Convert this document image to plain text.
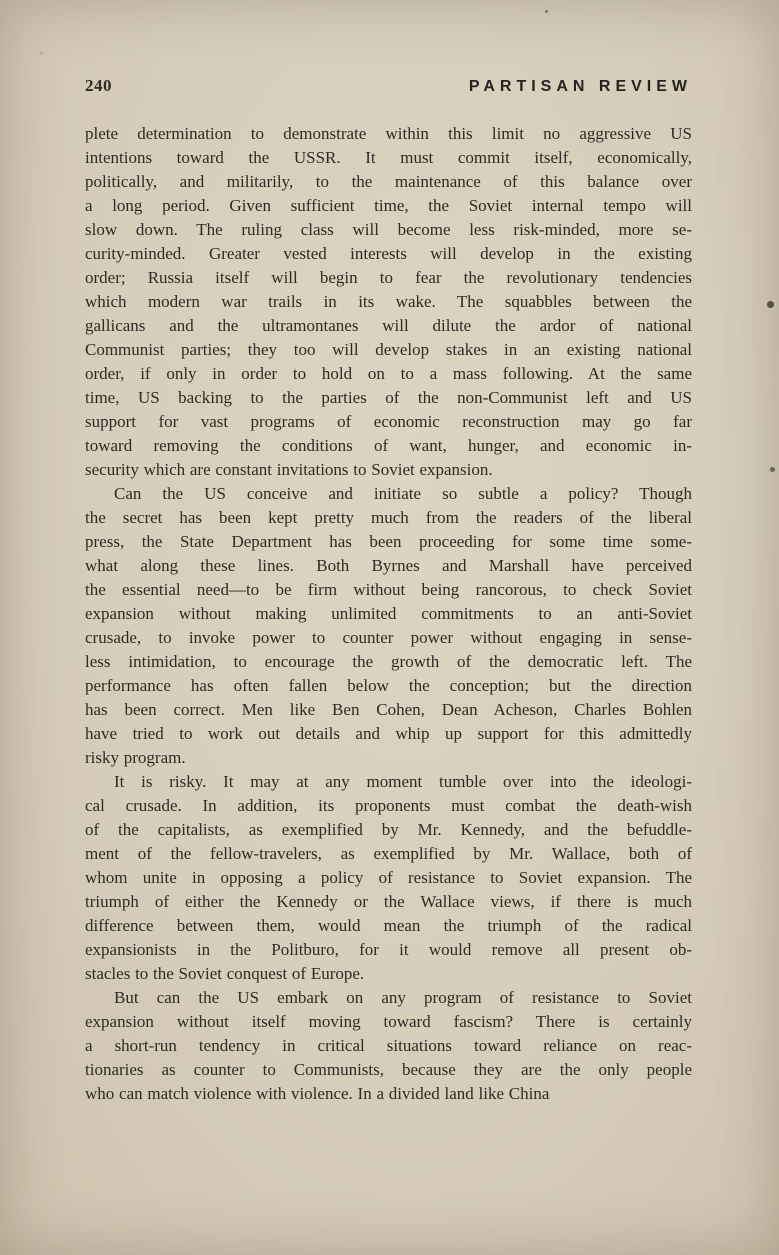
240	PARTISAN REVIEW

plete determination to demonstrate within this limit no aggressive US
intentions toward the USSR. It must commit itself, economically,
politically, and militarily, to the maintenance of this balance over
a long period. Given sufficient time, the Soviet internal tempo will
slow down. The ruling class will become less risk-minded, more se-
curity-minded. Greater vested interests will develop in the existing
order; Russia itself will begin to fear the revolutionary tendencies
which modern war trails in its wake. The squabbles between the
gallicans and the ultramontanes will dilute the ardor of national
Communist parties; they too will develop stakes in an existing national
order, if only in order to hold on to a mass following. At the same
time, US backing to the parties of the non-Communist left and US
support for vast programs of economic reconstruction may go far
toward removing the conditions of want, hunger, and economic in-
security which are constant invitations to Soviet expansion.

Can the US conceive and initiate so subtle a policy? Though
the secret has been kept pretty much from the readers of the liberal
press, the State Department has been proceeding for some time some-
what along these lines. Both Byrnes and Marshall have perceived
the essential need—to be firm without being rancorous, to check Soviet
expansion without making unlimited commitments to an anti-Soviet
crusade, to invoke power to counter power without engaging in sense-
less intimidation, to encourage the growth of the democratic left. The
performance has often fallen below the conception; but the direction
has been correct. Men like Ben Cohen, Dean Acheson, Charles Bohlen
have tried to work out details and whip up support for this admittedly
risky program.

It is risky. It may at any moment tumble over into the ideologi-
cal crusade. In addition, its proponents must combat the death-wish
of the capitalists, as exemplified by Mr. Kennedy, and the befuddle-
ment of the fellow-travelers, as exemplified by Mr. Wallace, both of
whom unite in opposing a policy of resistance to Soviet expansion. The
triumph of either the Kennedy or the Wallace views, if there is much
difference between them, would mean the triumph of the radical
expansionists in the Politburo, for it would remove all present ob-
stacles to the Soviet conquest of Europe.

But can the US embark on any program of resistance to Soviet
expansion without itself moving toward fascism? There is certainly
a short-run tendency in critical situations toward reliance on reac-
tionaries as counter to Communists, because they are the only people
who can match violence with violence. In a divided land like China
